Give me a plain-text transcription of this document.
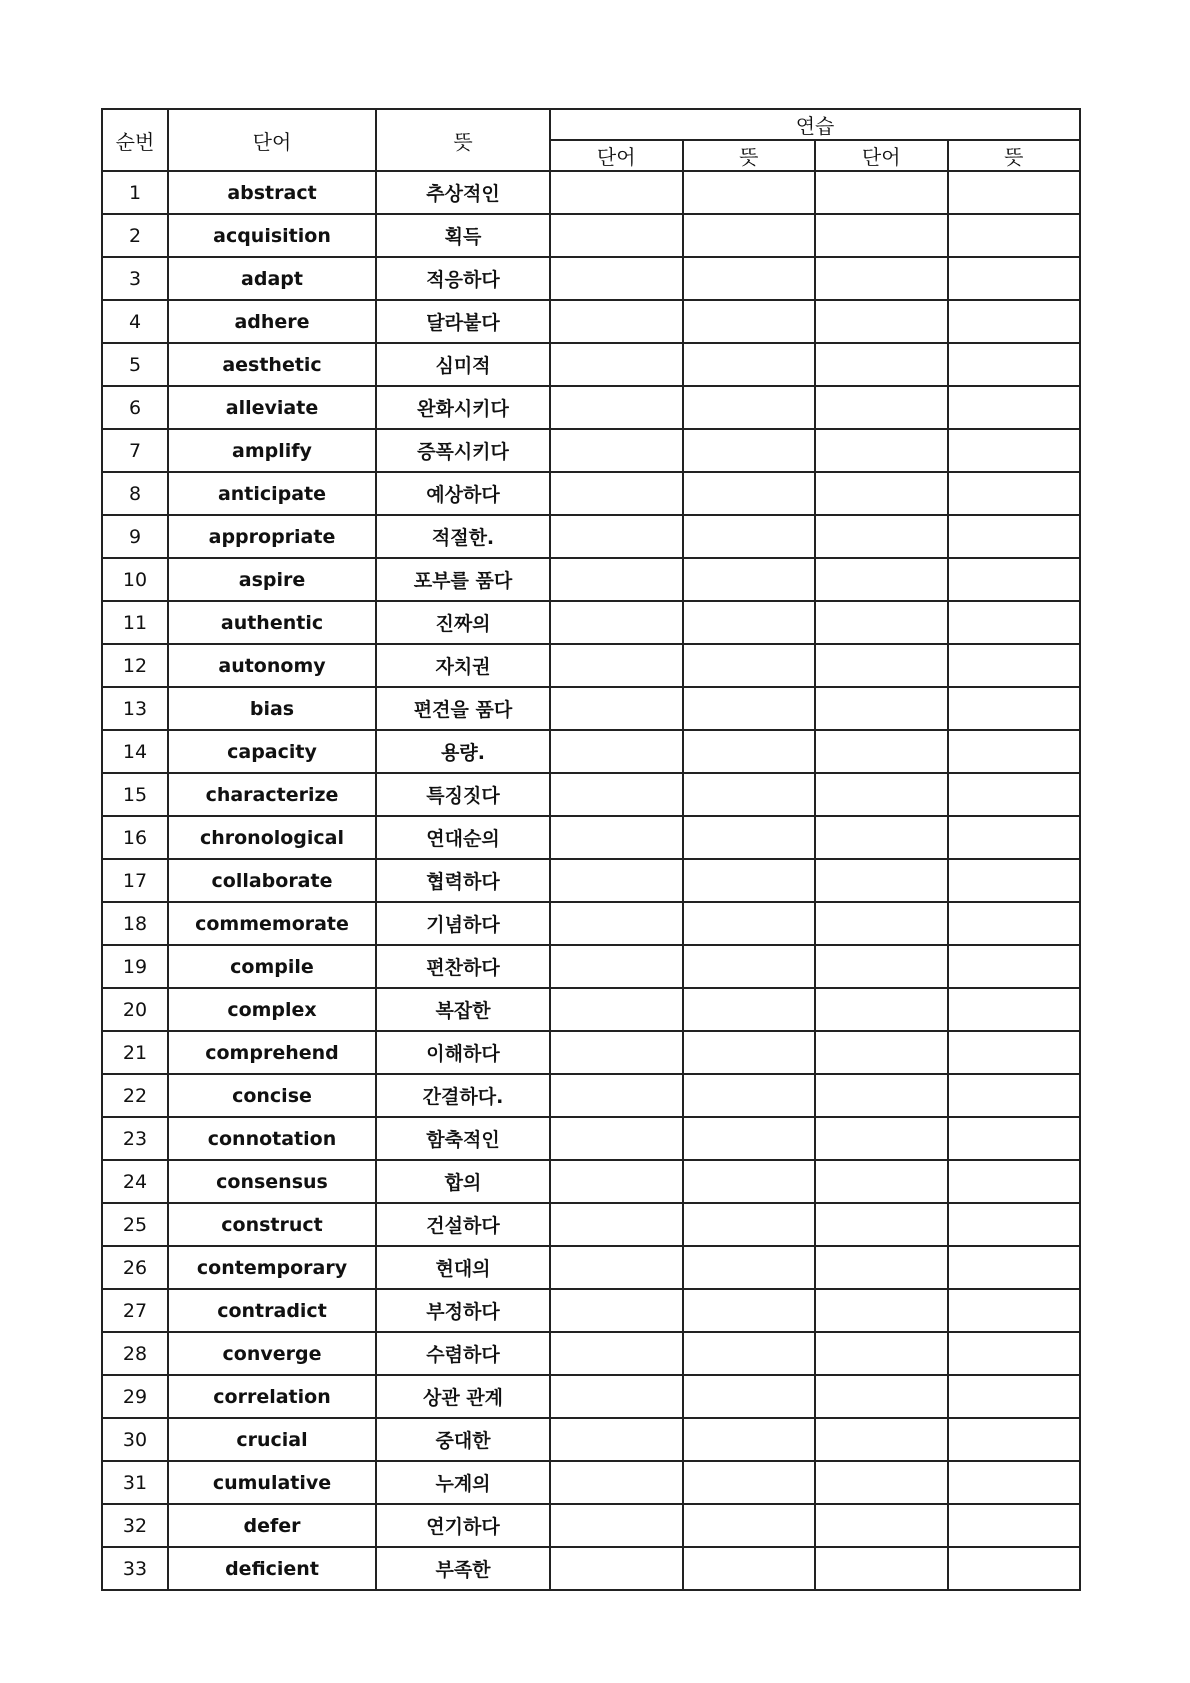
순번	단어	뜻	연습			
			단어	뜻	단어	뜻
1	abstract	추상적인				
2	acquisition	획득				
3	adapt	적응하다				
4	adhere	달라붙다				
5	aesthetic	심미적				
6	alleviate	완화시키다				
7	amplify	증폭시키다				
8	anticipate	예상하다				
9	appropriate	적절한.				
10	aspire	포부를 품다				
11	authentic	진짜의				
12	autonomy	자치권				
13	bias	편견을 품다				
14	capacity	용량.				
15	characterize	특징짓다				
16	chronological	연대순의				
17	collaborate	협력하다				
18	commemorate	기념하다				
19	compile	편찬하다				
20	complex	복잡한				
21	comprehend	이해하다				
22	concise	간결하다.				
23	connotation	함축적인				
24	consensus	합의				
25	construct	건설하다				
26	contemporary	현대의				
27	contradict	부정하다				
28	converge	수렴하다				
29	correlation	상관 관계				
30	crucial	중대한				
31	cumulative	누계의				
32	defer	연기하다				
33	deficient	부족한				
